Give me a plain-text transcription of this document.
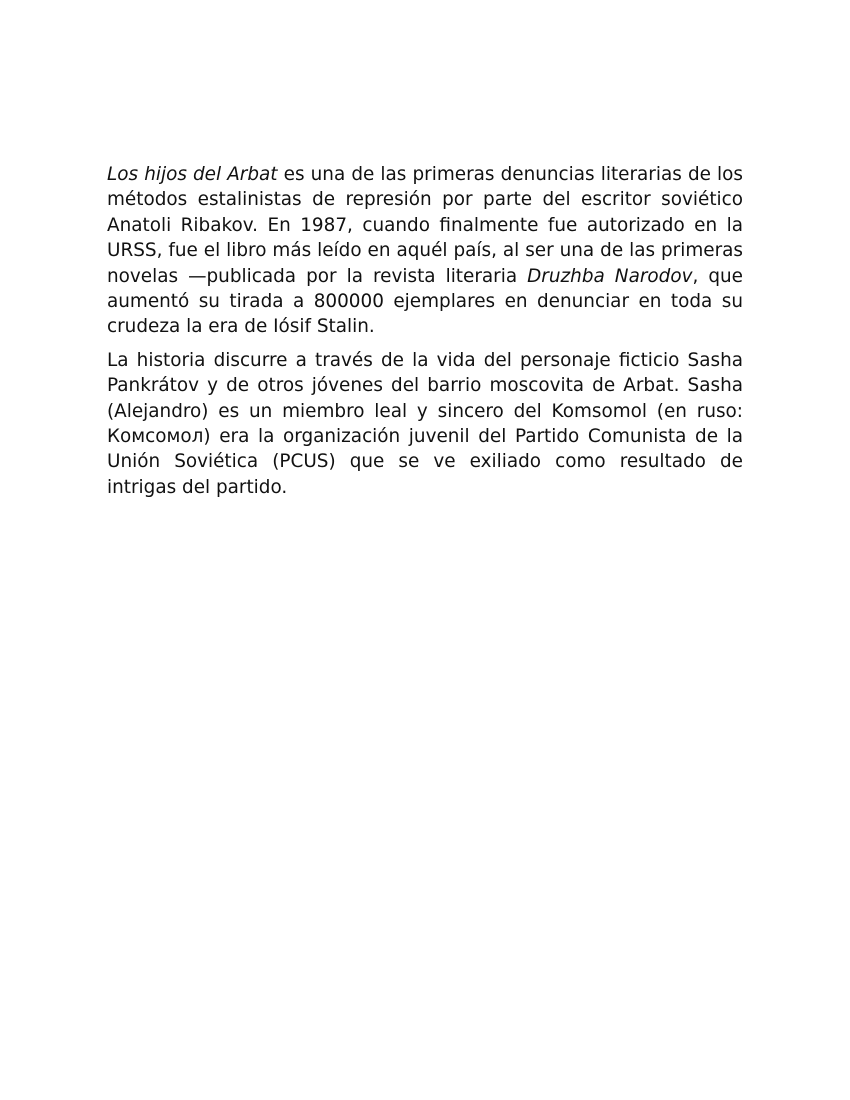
Los hijos del Arbat es una de las primeras denuncias literarias de los métodos estalinistas de represión por parte del escritor soviético Anatoli Ribakov. En 1987, cuando finalmente fue autorizado en la URSS, fue el libro más leído en aquél país, al ser una de las primeras novelas —publicada por la revista literaria Druzhba Narodov, que aumentó su tirada a 800000 ejemplares en denunciar en toda su crudeza la era de Iósif Stalin.

La historia discurre a través de la vida del personaje ficticio Sasha Pankrátov y de otros jóvenes del barrio moscovita de Arbat. Sasha (Alejandro) es un miembro leal y sincero del Komsomol (en ruso: Комсомол) era la organización juvenil del Partido Comunista de la Unión Soviética (PCUS) que se ve exiliado como resultado de intrigas del partido.
